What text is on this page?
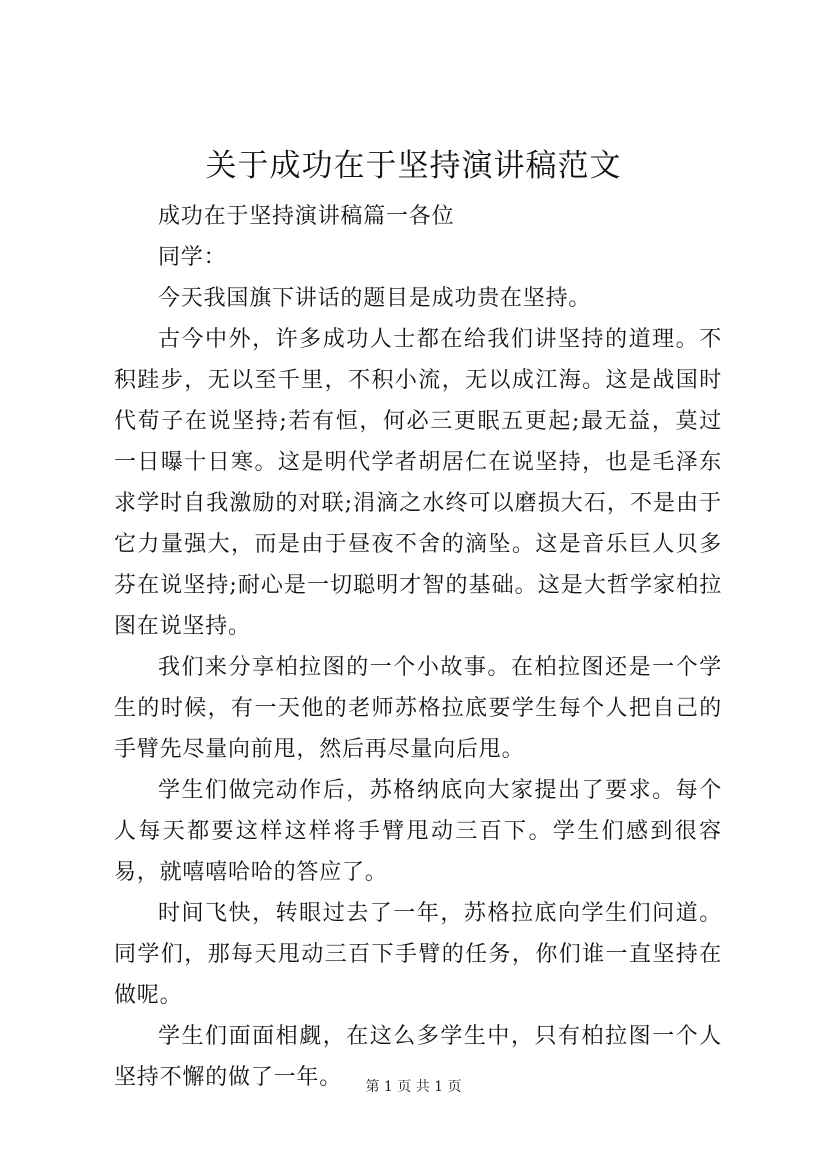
关于成功在于坚持演讲稿范文

成功在于坚持演讲稿篇一各位

同学：

今天我国旗下讲话的题目是成功贵在坚持。

古今中外，许多成功人士都在给我们讲坚持的道理。不积跬步，无以至千里，不积小流，无以成江海。这是战国时代荀子在说坚持;若有恒，何必三更眠五更起;最无益，莫过一日曝十日寒。这是明代学者胡居仁在说坚持，也是毛泽东求学时自我激励的对联;涓滴之水终可以磨损大石，不是由于它力量强大，而是由于昼夜不舍的滴坠。这是音乐巨人贝多芬在说坚持;耐心是一切聪明才智的基础。这是大哲学家柏拉图在说坚持。

我们来分享柏拉图的一个小故事。在柏拉图还是一个学生的时候，有一天他的老师苏格拉底要学生每个人把自己的手臂先尽量向前甩，然后再尽量向后甩。

学生们做完动作后，苏格纳底向大家提出了要求。每个人每天都要这样这样将手臂甩动三百下。学生们感到很容易，就嘻嘻哈哈的答应了。

时间飞快，转眼过去了一年，苏格拉底向学生们问道。同学们，那每天甩动三百下手臂的任务，你们谁一直坚持在做呢。

学生们面面相觑，在这么多学生中，只有柏拉图一个人坚持不懈的做了一年。	第 1 页 共 1 页
